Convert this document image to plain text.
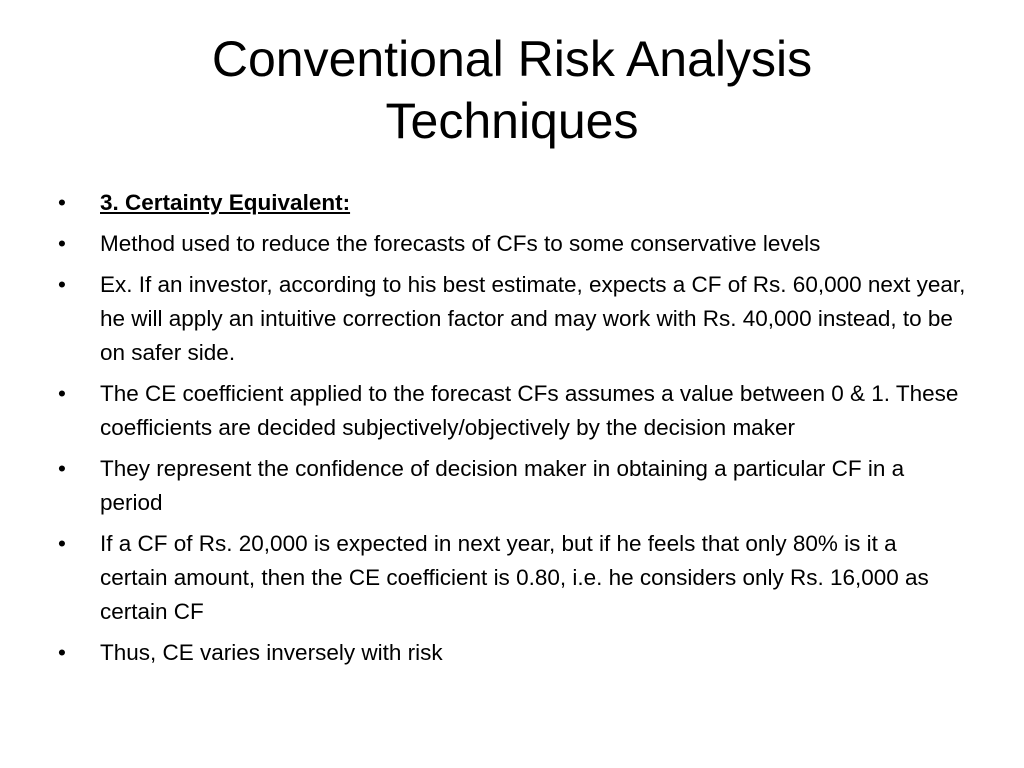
Conventional Risk Analysis
Techniques
•	3. Certainty Equivalent:
•	Method used to reduce the forecasts of CFs to some conservative levels
•	Ex. If an investor, according to his best estimate, expects a CF of Rs. 60,000 next year, he will apply an intuitive correction factor and may work with Rs. 40,000 instead, to be on safer side.
•	The CE coefficient applied to the forecast CFs assumes a value between 0 & 1. These coefficients are decided subjectively/objectively by the decision maker
•	They represent the confidence of decision maker in obtaining a particular CF in a period
•	If a CF of Rs. 20,000 is expected in next year, but if he feels that only 80% is it a certain amount, then the CE coefficient is 0.80, i.e. he considers only Rs. 16,000 as certain CF
•	Thus, CE varies inversely with risk
